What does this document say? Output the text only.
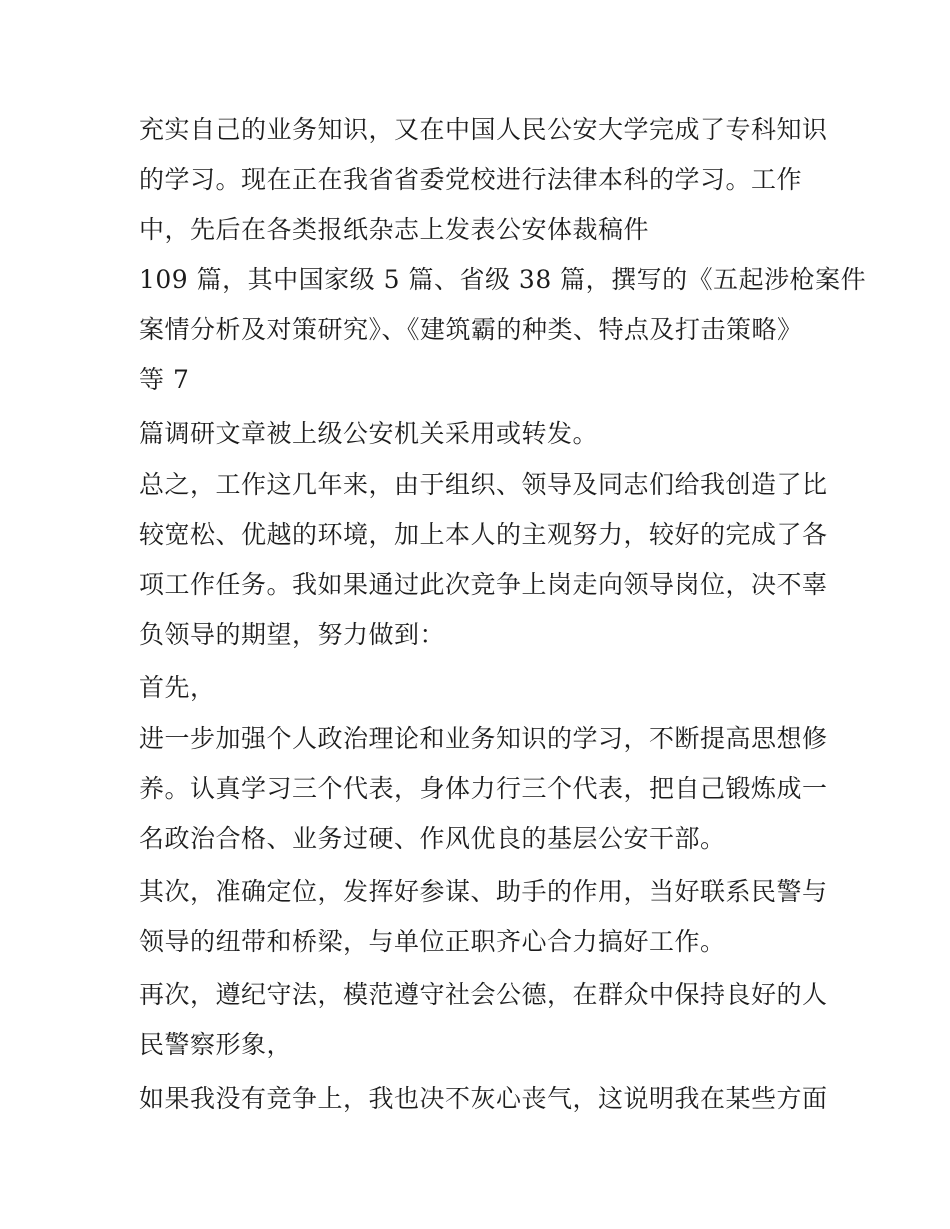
充实自己的业务知识，又在中国人民公安大学完成了专科知识
的学习。现在正在我省省委党校进行法律本科的学习。工作
中，先后在各类报纸杂志上发表公安体裁稿件
109 篇，其中国家级 5 篇、省级 38 篇，撰写的《五起涉枪案件
案情分析及对策研究》、《建筑霸的种类、特点及打击策略》
等 7
篇调研文章被上级公安机关采用或转发。
总之，工作这几年来，由于组织、领导及同志们给我创造了比
较宽松、优越的环境，加上本人的主观努力，较好的完成了各
项工作任务。我如果通过此次竞争上岗走向领导岗位，决不辜
负领导的期望，努力做到：
首先，
进一步加强个人政治理论和业务知识的学习，不断提高思想修
养。认真学习三个代表，身体力行三个代表，把自己锻炼成一
名政治合格、业务过硬、作风优良的基层公安干部。
其次，准确定位，发挥好参谋、助手的作用，当好联系民警与
领导的纽带和桥梁，与单位正职齐心合力搞好工作。
再次，遵纪守法，模范遵守社会公德，在群众中保持良好的人
民警察形象，
如果我没有竞争上，我也决不灰心丧气，这说明我在某些方面
